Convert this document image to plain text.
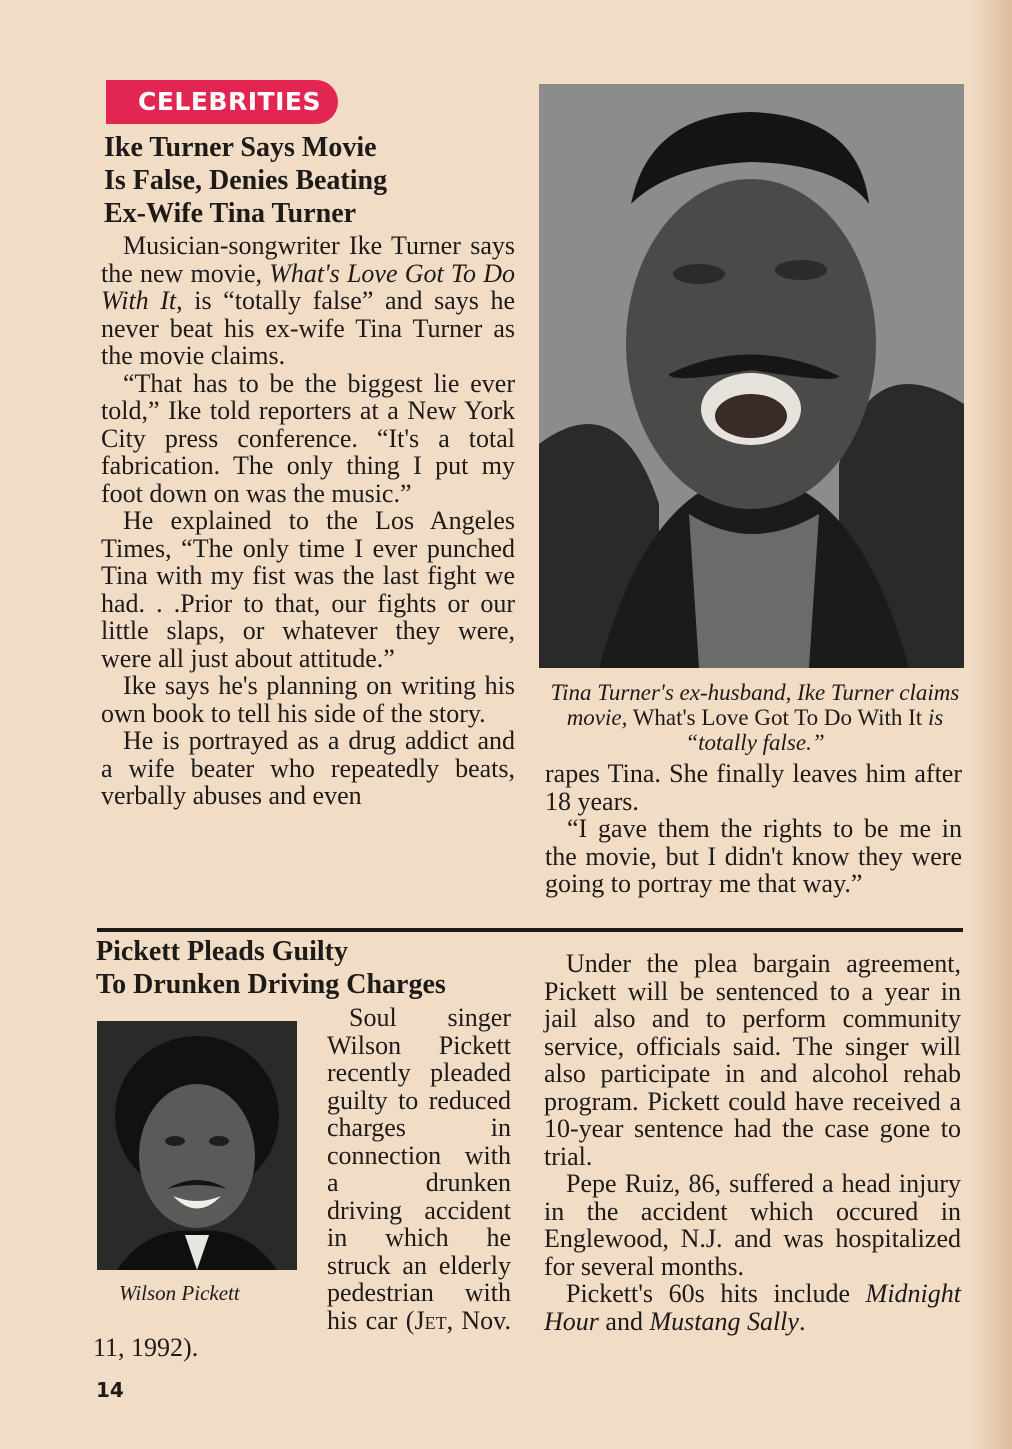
CELEBRITIES

Ike Turner Says Movie

Is False, Denies Beating

Ex-Wife Tina Turner

Musician-songwriter Ike Turner says the new movie, What's Love Got To Do With It, is “totally false” and says he never beat his ex-wife Tina Turner as the movie claims.

“That has to be the biggest lie ever told,” Ike told reporters at a New York City press conference. “It's a total fabrication. The only thing I put my foot down on was the music.”

He explained to the Los Angeles Times, “The only time I ever punched Tina with my fist was the last fight we had. . .Prior to that, our fights or our little slaps, or whatever they were, were all just about attitude.”

Ike says he's planning on writing his own book to tell his side of the story.

He is portrayed as a drug addict and a wife beater who repeatedly beats, verbally abuses and even

Tina Turner's ex-husband, Ike Turner claims movie, What's Love Got To Do With It is “totally false.”

rapes Tina. She finally leaves him after 18 years.

“I gave them the rights to be me in the movie, but I didn't know they were going to portray me that way.”

Pickett Pleads Guilty

To Drunken Driving Charges

Wilson Pickett

Soul singer Wilson Pickett recently pleaded guilty to reduced charges in connection with a drunken driving accident in which he struck an elderly pedestrian with his car (Jet, Nov. 11, 1992).

Under the plea bargain agreement, Pickett will be sentenced to a year in jail also and to perform community service, officials said. The singer will also participate in and alcohol rehab program. Pickett could have received a 10-year sentence had the case gone to trial.

Pepe Ruiz, 86, suffered a head injury in the accident which occured in Englewood, N.J. and was hospitalized for several months.

Pickett's 60s hits include Midnight Hour and Mustang Sally.

14
